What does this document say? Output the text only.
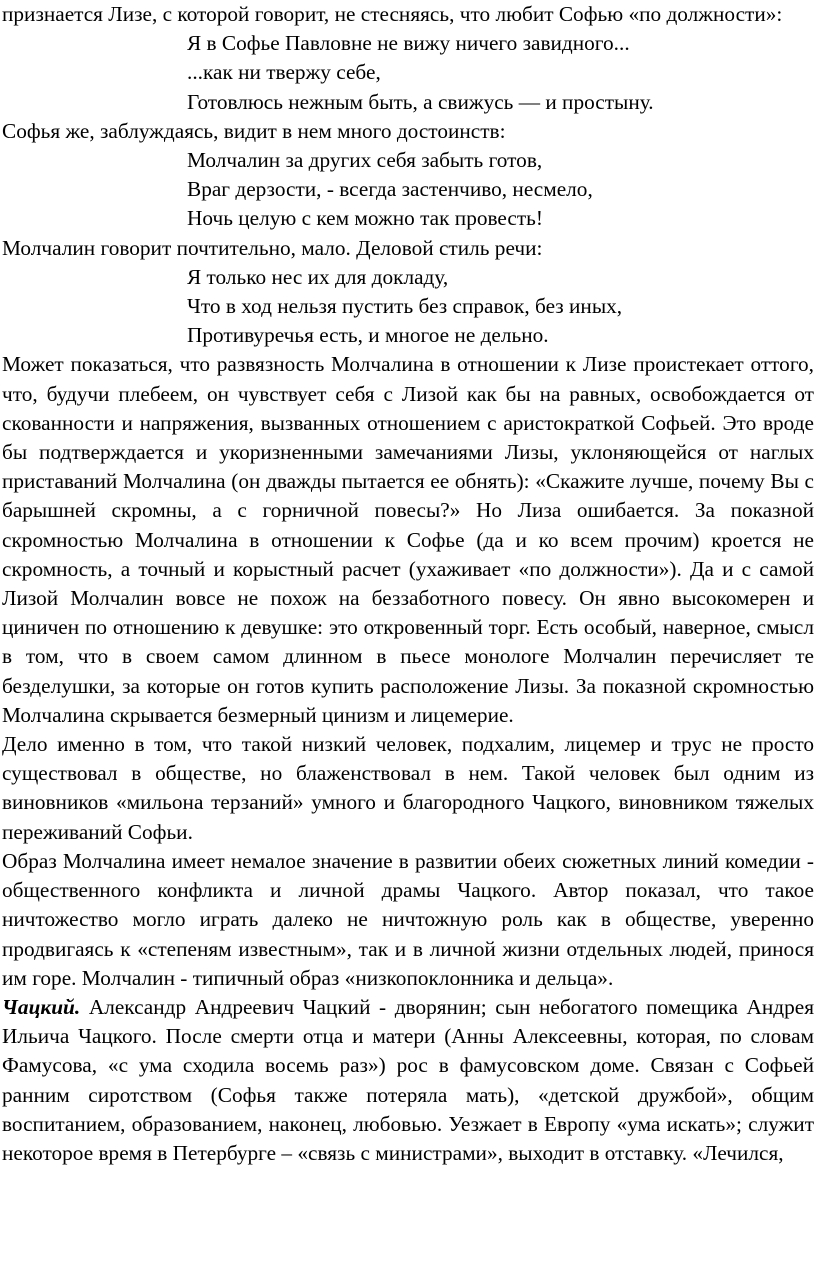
признается Лизе, с которой говорит, не стесняясь, что любит Софью «по должности»:

Я в Софье Павловне не вижу ничего завидного...

...как ни твержу себе,

Готовлюсь нежным быть, а свижусь — и простыну.

Софья же, заблуждаясь, видит в нем много достоинств:

Молчалин за других себя забыть готов,

Враг дерзости, - всегда застенчиво, несмело,

Ночь целую с кем можно так провесть!

Молчалин говорит почтительно, мало. Деловой стиль речи:

Я только нес их для докладу,

Что в ход нельзя пустить без справок, без иных,

Противуречья есть, и многое не дельно.

Может показаться, что развязность Молчалина в отношении к Лизе проистекает оттого, что, будучи плебеем, он чувствует себя с Лизой как бы на равных, освобождается от скованности и напряжения, вызванных отношением с аристократкой Софьей. Это вроде бы подтверждается и укоризненными замечаниями Лизы, уклоняющейся от наглых приставаний Молчалина (он дважды пытается ее обнять): «Скажите лучше, почему Вы с барышней скромны, а с горничной повесы?» Но Лиза ошибается. За показной скромностью Молчалина в отношении к Софье (да и ко всем прочим) кроется не скромность, а точный и корыстный расчет (ухаживает «по должности»). Да и с самой Лизой Молчалин вовсе не похож на беззаботного повесу. Он явно высокомерен и циничен по отношению к девушке: это откровенный торг. Есть особый, наверное, смысл в том, что в своем самом длинном в пьесе монологе Молчалин перечисляет те безделушки, за которые он готов купить расположение Лизы. За показной скромностью Молчалина скрывается безмерный цинизм и лицемерие.

Дело именно в том, что такой низкий человек, подхалим, лицемер и трус не просто существовал в обществе, но блаженствовал в нем. Такой человек был одним из виновников «мильона терзаний» умного и благородного Чацкого, виновником тяжелых переживаний Софьи.

Образ Молчалина имеет немалое значение в развитии обеих сюжетных линий комедии - общественного конфликта и личной драмы Чацкого. Автор показал, что такое ничтожество могло играть далеко не ничтожную роль как в обществе, уверенно продвигаясь к «степеням известным», так и в личной жизни отдельных людей, принося им горе. Молчалин - типичный образ «низкопоклонника и дельца».

Чацкий. Александр Андреевич Чацкий - дворянин; сын небогатого помещика Андрея Ильича Чацкого. После смерти отца и матери (Анны Алексеевны, которая, по словам Фамусова, «с ума сходила восемь раз») рос в фамусовском доме. Связан с Софьей ранним сиротством (Софья также потеряла мать), «детской дружбой», общим воспитанием, образованием, наконец, любовью. Уезжает в Европу «ума искать»; служит некоторое время в Петербурге – «связь с министрами», выходит в отставку. «Лечился,
